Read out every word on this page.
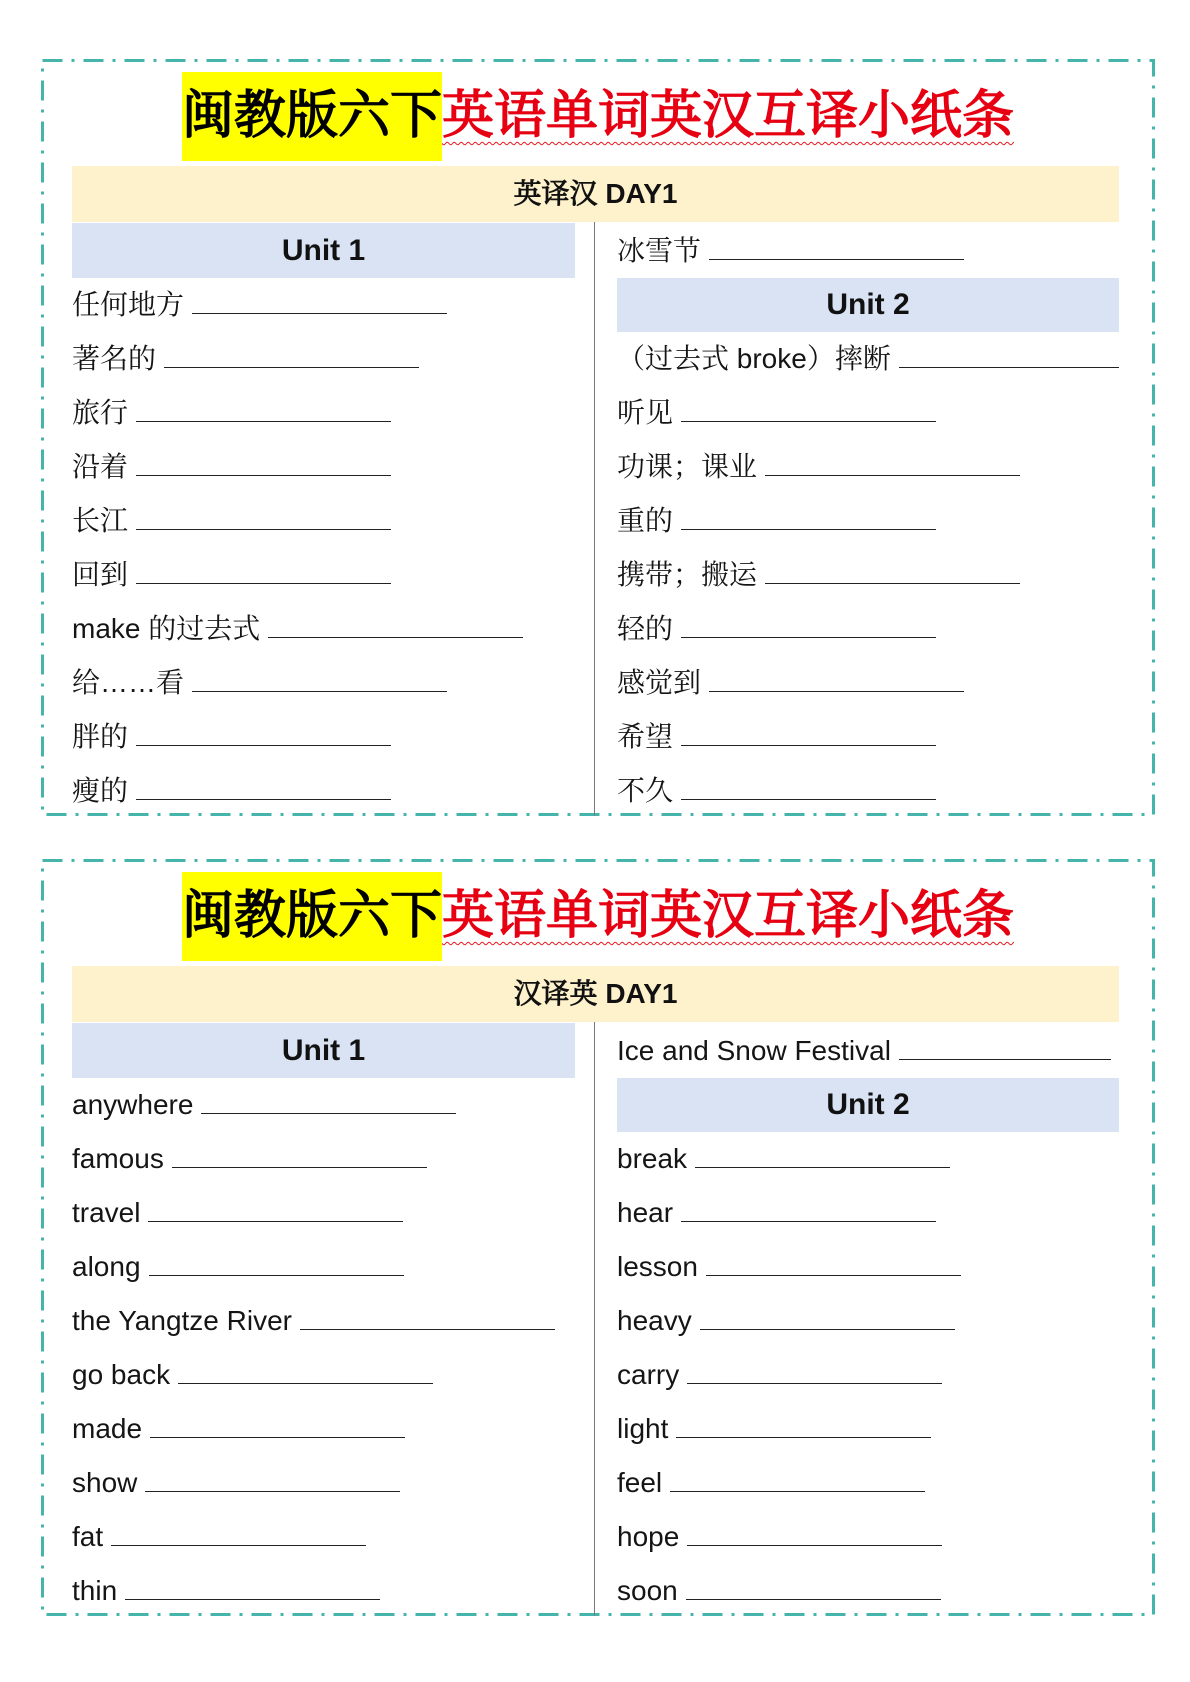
闽教版六下英语单词英汉互译小纸条
英译汉 DAY1
Unit 1
任何地方
著名的
旅行
沿着
长江
回到
make 的过去式
给……看
胖的
瘦的
冰雪节
Unit 2
（过去式 broke）摔断
听见
功课；课业
重的
携带；搬运
轻的
感觉到
希望
不久
闽教版六下英语单词英汉互译小纸条
汉译英 DAY1
Unit 1
anywhere
famous
travel
along
the Yangtze River
go back
made
show
fat
thin
Ice and Snow Festival
Unit 2
break
hear
lesson
heavy
carry
light
feel
hope
soon
